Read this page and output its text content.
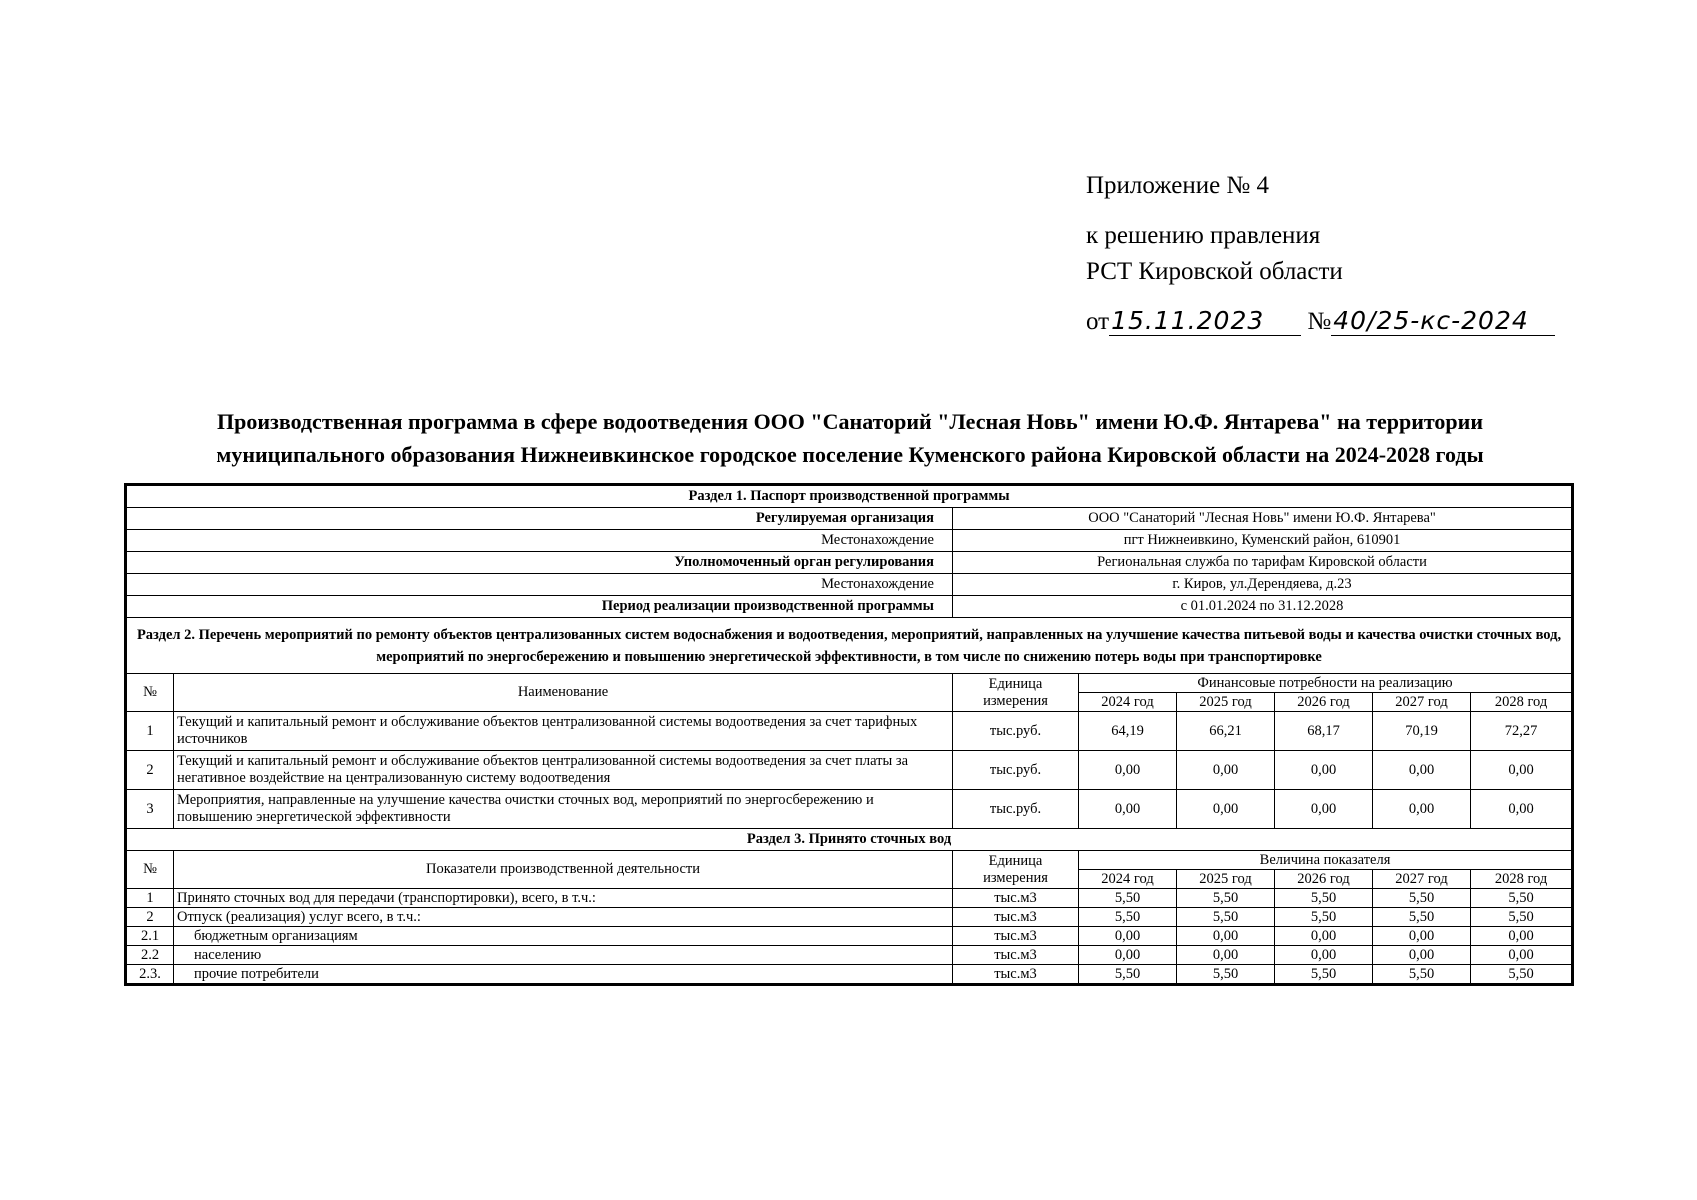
Приложение № 4
к решению правления
РСТ Кировской области
от15.11.2023 №40/25-кс-2024
Производственная программа в сфере водоотведения ООО "Санаторий "Лесная Новь" имени Ю.Ф. Янтарева" на территории
муниципального образования Нижнеивкинское городское поселение Куменского района Кировской области на 2024-2028 годы
Раздел 1. Паспорт производственной программы							
Регулируемая организация		ООО "Санаторий "Лесная Новь" имени Ю.Ф. Янтарева"					
Местонахождение		пгт Нижнеивкино, Куменский район, 610901					
Уполномоченный орган регулирования		Региональная служба по тарифам Кировской области					
Местонахождение		г. Киров, ул.Дерендяева, д.23					
Период реализации производственной программы		с 01.01.2024 по 31.12.2028					
Раздел 2. Перечень мероприятий по ремонту объектов централизованных систем водоснабжения и водоотведения, мероприятий, направленных на улучшение качества питьевой воды и качества очистки сточных вод, мероприятий по энергосбережению и повышению энергетической эффективности, в том числе по снижению потерь воды при транспортировке							
№	Наименование	Единица измерения	Финансовые потребности на реализацию				
			2024 год	2025 год	2026 год	2027 год	2028 год
1	Текущий и капитальный ремонт и обслуживание объектов централизованной системы водоотведения за счет тарифных источников	тыс.руб.	64,19	66,21	68,17	70,19	72,27
2	Текущий и капитальный ремонт и обслуживание объектов централизованной системы водоотведения за счет платы за негативное воздействие на централизованную систему водоотведения	тыс.руб.	0,00	0,00	0,00	0,00	0,00
3	Мероприятия, направленные на улучшение качества очистки сточных вод, мероприятий по энергосбережению и повышению энергетической эффективности	тыс.руб.	0,00	0,00	0,00	0,00	0,00
Раздел 3. Принято сточных вод							
№	Показатели производственной деятельности	Единица измерения	Величина показателя				
			2024 год	2025 год	2026 год	2027 год	2028 год
1	Принято сточных вод для передачи (транспортировки), всего, в т.ч.:	тыс.м3	5,50	5,50	5,50	5,50	5,50
2	Отпуск (реализация) услуг всего, в т.ч.:	тыс.м3	5,50	5,50	5,50	5,50	5,50
2.1	бюджетным организациям	тыс.м3	0,00	0,00	0,00	0,00	0,00
2.2	населению	тыс.м3	0,00	0,00	0,00	0,00	0,00
2.3.	прочие потребители	тыс.м3	5,50	5,50	5,50	5,50	5,50
